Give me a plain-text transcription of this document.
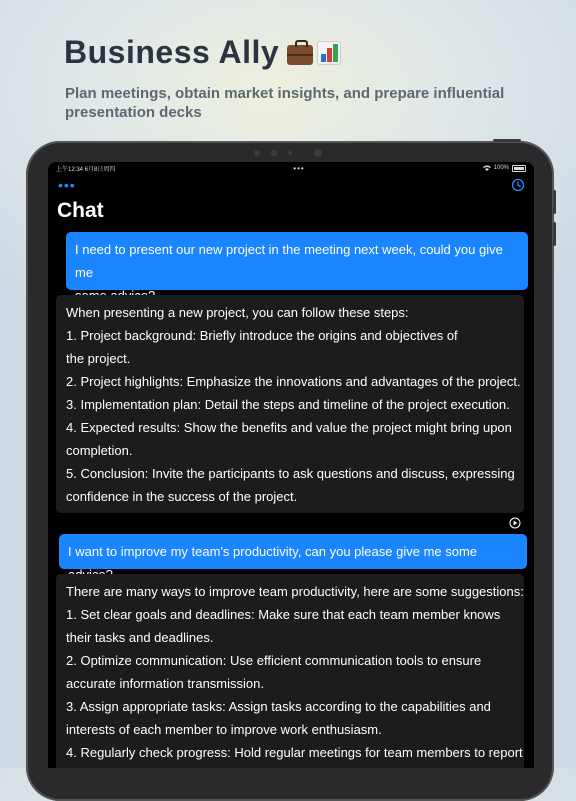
Business Ally
Plan meetings, obtain market insights, and prepare influential presentation decks
上午12:34 6月8日周四	•••	100%
•••
Chat
I need to present our new project in the meeting next week, could you give me
When presenting a new project, you can follow these steps:
1. Project background: Briefly introduce the origins and objectives of
the project.
2. Project highlights: Emphasize the innovations and advantages of the project.
3. Implementation plan: Detail the steps and timeline of the project execution.
4. Expected results: Show the benefits and value the project might bring upon
completion.
5. Conclusion: Invite the participants to ask questions and discuss, expressing
confidence in the success of the project.
I want to improve my team's productivity, can you please give me some
There are many ways to improve team productivity, here are some suggestions:
1. Set clear goals and deadlines: Make sure that each team member knows
their tasks and deadlines.
2. Optimize communication: Use efficient communication tools to ensure
accurate information transmission.
3. Assign appropriate tasks: Assign tasks according to the capabilities and
interests of each member to improve work enthusiasm.
4. Regularly check progress: Hold regular meetings for team members to report
